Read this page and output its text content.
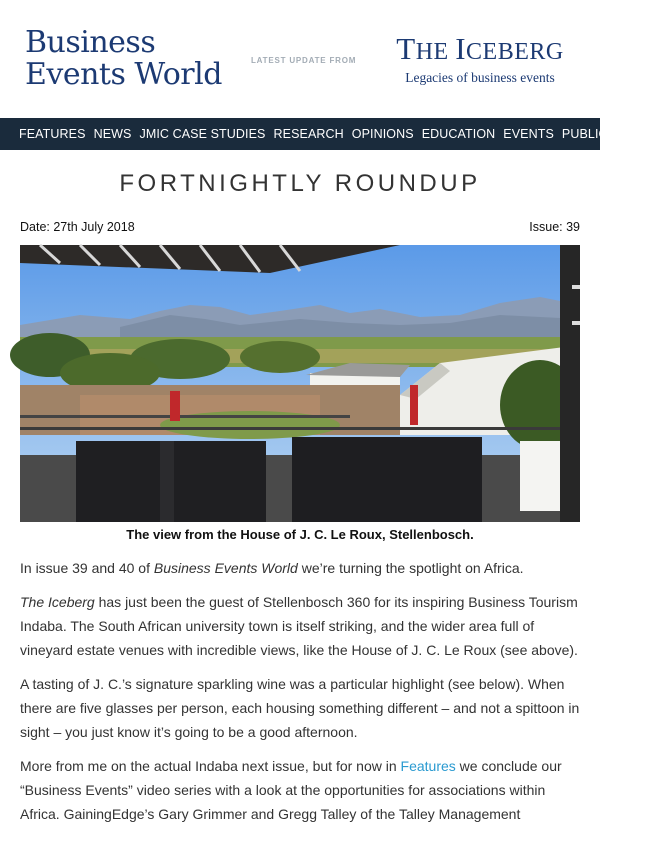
Business
Events World	LATEST UPDATE FROM	THE ICEBERG
Legacies of business events
FEATURES NEWS JMIC CASE STUDIES RESEARCH OPINIONS EDUCATION EVENTS PUBLICATIONS
FORTNIGHTLY ROUNDUP
Date: 27th July 2018	Issue: 39
The view from the House of J. C. Le Roux, Stellenbosch.

In issue 39 and 40 of Business Events World we’re turning the spotlight on Africa.

The Iceberg has just been the guest of Stellenbosch 360 for its inspiring Business Tourism Indaba. The South African university town is itself striking, and the wider area full of vineyard estate venues with incredible views, like the House of J. C. Le Roux (see above).

A tasting of J. C.’s signature sparkling wine was a particular highlight (see below). When there are five glasses per person, each housing something different – and not a spittoon in sight – you just know it’s going to be a good afternoon.

More from me on the actual Indaba next issue, but for now in Features we conclude our “Business Events” video series with a look at the opportunities for associations within Africa. GainingEdge’s Gary Grimmer and Gregg Talley of the Talley Management
